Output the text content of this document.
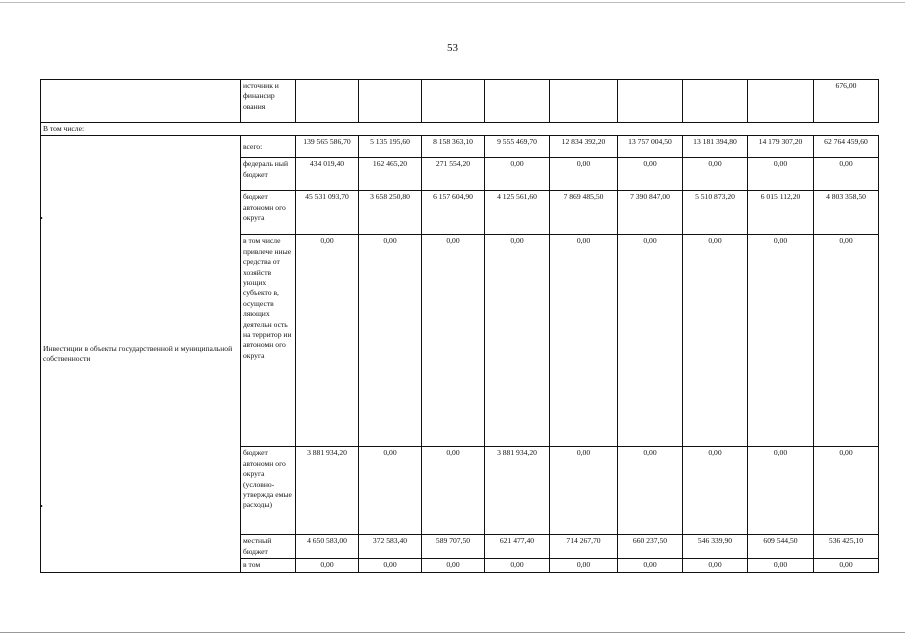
53
	источник и финансир ования									676,00
В том числе:										
Инвестиции в объекты государственной и муниципальной собственности	всего:	139 565 586,70	5 135 195,60	8 158 363,10	9 555 469,70	12 834 392,20	13 757 004,50	13 181 394,80	14 179 307,20	62 764 459,60
	федераль ный бюджет	434 019,40	162 465,20	271 554,20	0,00	0,00	0,00	0,00	0,00	0,00
	бюджет автономн ого округа	45 531 093,70	3 658 250,80	6 157 604,90	4 125 561,60	7 869 485,50	7 390 847,00	5 510 873,20	6 015 112,20	4 803 358,50
	в том числе привлече нные средства от хозяйств ующих субъекто в, осуществ ляющих деятельн ость на территор ии автономн ого округа	0,00	0,00	0,00	0,00	0,00	0,00	0,00	0,00	0,00
	бюджет автономн ого округа (условно- утвержда емые расходы)	3 881 934,20	0,00	0,00	3 881 934,20	0,00	0,00	0,00	0,00	0,00
	местный бюджет	4 650 583,00	372 583,40	589 707,50	621 477,40	714 267,70	660 237,50	546 339,90	609 544,50	536 425,10
	в том	0,00	0,00	0,00	0,00	0,00	0,00	0,00	0,00	0,00
•
•
